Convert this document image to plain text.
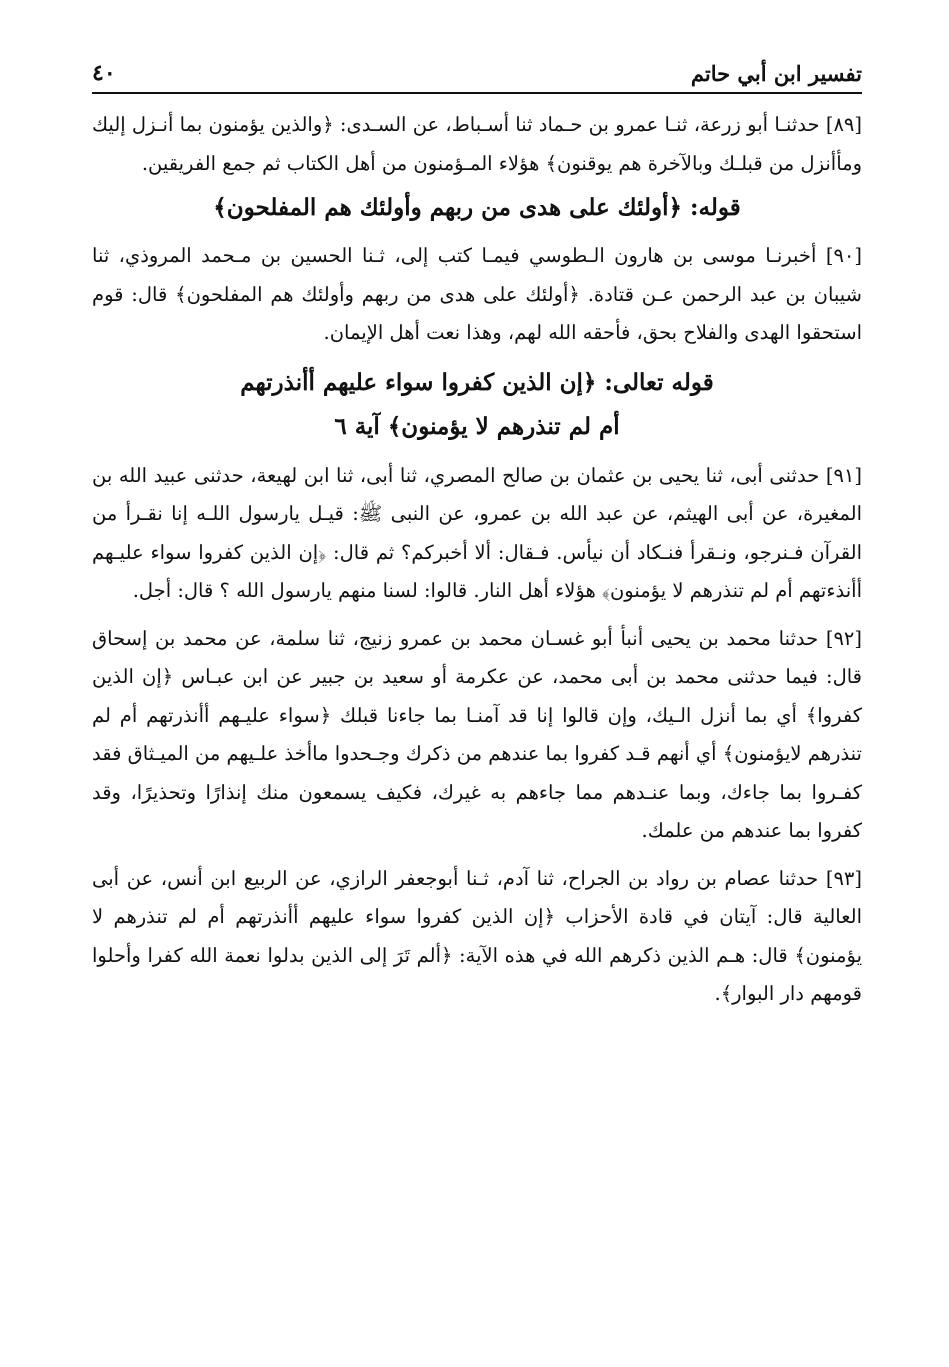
تفسير ابن أبي حاتم
٤٠

[٨٩] حدثنـا أبو زرعة، ثنـا عمرو بن حـماد ثنا أسـباط، عن السـدى: ﴿والذين يؤمنون بما أنـزل إليك ومأأنزل من قبلـك وبالآخرة هم يوقنون﴾ هؤلاء المـؤمنون من أهل الكتاب ثم جمع الفريقين.

قوله: ﴿أولئك على هدى من ربهم وأولئك هم المفلحون﴾

[٩٠] أخبرنـا موسى بن هارون الـطوسي فيمـا كتب إلى، ثـنا الحسين بن مـحمد المروذي، ثنا شيبان بن عبد الرحمن عـن قتادة. ﴿أولئك على هدى من ربهم وأولئك هم المفلحون﴾ قال: قوم استحقوا الهدى والفلاح بحق، فأحقه الله لهم، وهذا نعت أهل الإيمان.

قوله تعالى: ﴿إن الذين كفروا سواء عليهم أأنذرتهم
أم لم تنذرهم لا يؤمنون﴾ آية ٦

[٩١] حدثنى أبى، ثنا يحيى بن عثمان بن صالح المصري، ثنا أبى، ثنا ابن لهيعة، حدثنى عبيد الله بن المغيرة، عن أبى الهيثم، عن عبد الله بن عمرو، عن النبى ﷺ: قيـل يارسول اللـه إنا نقـرأ من القرآن فـنرجو، ونـقرأ فنـكاد أن نيأس. فـقال: ألا أخبركم؟ ثم قال: ﴿إن الذين كفروا سواء عليـهم أأنذءتهم أم لم تنذرهم لا يؤمنون﴾ هؤلاء أهل النار. قالوا: لسنا منهم يارسول الله ؟ قال: أجل.

[٩٢] حدثنا محمد بن يحيى أنبأ أبو غسـان محمد بن عمرو زنيج، ثنا سلمة، عن محمد بن إسحاق قال: فيما حدثنى محمد بن أبى محمد، عن عكرمة أو سعيد بن جبير عن ابن عبـاس ﴿إن الذين كفروا﴾ أي بما أنزل الـيك، وإن قالوا إنا قد آمنـا بما جاءنا قبلك ﴿سواء عليـهم أأنذرتهم أم لم تنذرهم لايؤمنون﴾ أي أنهم قـد كفروا بما عندهم من ذكرك وجـحدوا ماأخذ علـيهم من الميـثاق فقد كفـروا بما جاءك، وبما عنـدهم مما جاءهم به غيرك، فكيف يسمعون منك إنذارًا وتحذيرًا، وقد كفروا بما عندهم من علمك.

[٩٣] حدثنا عصام بن رواد بن الجراح، ثنا آدم، ثـنا أبوجعفر الرازي، عن الربيع ابن أنس، عن أبى العالية قال: آيتان في قادة الأحزاب ﴿إن الذين كفروا سواء عليهم أأنذرتهم أم لم تنذرهم لا يؤمنون﴾ قال: هـم الذين ذكرهم الله في هذه الآية: ﴿ألم تَرَ إلى الذين بدلوا نعمة الله كفرا وأحلوا قومهم دار البوار﴾.
